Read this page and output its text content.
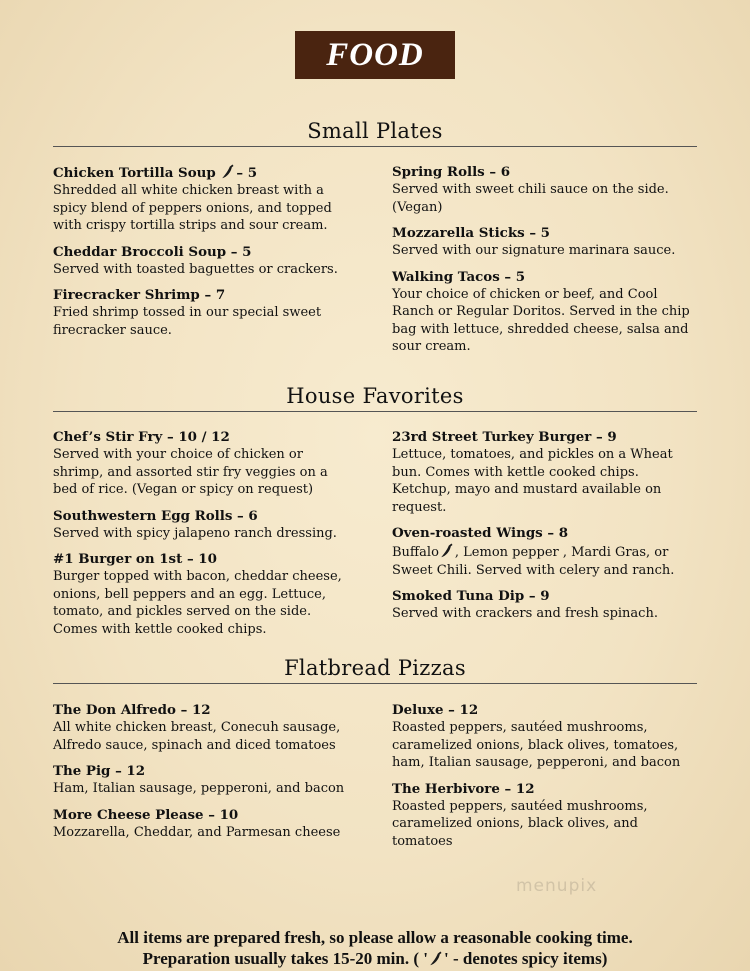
FOOD
Small Plates
Chicken Tortilla Soup – 5
Shredded all white chicken breast with a spicy blend of peppers onions, and topped with crispy tortilla strips and sour cream.
Cheddar Broccoli Soup – 5
Served with toasted baguettes or crackers.
Firecracker Shrimp – 7
Fried shrimp tossed in our special sweet firecracker sauce.
Spring Rolls – 6
Served with sweet chili sauce on the side. (Vegan)
Mozzarella Sticks – 5
Served with our signature marinara sauce.
Walking Tacos – 5
Your choice of chicken or beef, and Cool Ranch or Regular Doritos. Served in the chip bag with lettuce, shredded cheese, salsa and sour cream.
House Favorites
Chef’s Stir Fry – 10 / 12
Served with your choice of chicken or shrimp, and assorted stir fry veggies on a bed of rice. (Vegan or spicy on request)
Southwestern Egg Rolls – 6
Served with spicy jalapeno ranch dressing.
#1 Burger on 1st – 10
Burger topped with bacon, cheddar cheese, onions, bell peppers and an egg. Lettuce, tomato, and pickles served on the side. Comes with kettle cooked chips.
23rd Street Turkey Burger – 9
Lettuce, tomatoes, and pickles on a Wheat bun. Comes with kettle cooked chips. Ketchup, mayo and mustard available on request.
Oven-roasted Wings – 8
Buffalo , Lemon pepper , Mardi Gras, or Sweet Chili. Served with celery and ranch.
Smoked Tuna Dip – 9
Served with crackers and fresh spinach.
Flatbread Pizzas
The Don Alfredo – 12
All white chicken breast, Conecuh sausage, Alfredo sauce, spinach and diced tomatoes
The Pig – 12
Ham, Italian sausage, pepperoni, and bacon
More Cheese Please – 10
Mozzarella, Cheddar, and Parmesan cheese
Deluxe – 12
Roasted peppers, sautéed mushrooms, caramelized onions, black olives, tomatoes, ham, Italian sausage, pepperoni, and bacon
The Herbivore – 12
Roasted peppers, sautéed mushrooms, caramelized onions, black olives, and tomatoes
menupix
All items are prepared fresh, so please allow a reasonable cooking time.
Preparation usually takes 15-20 min. ( ' ' - denotes spicy items)
